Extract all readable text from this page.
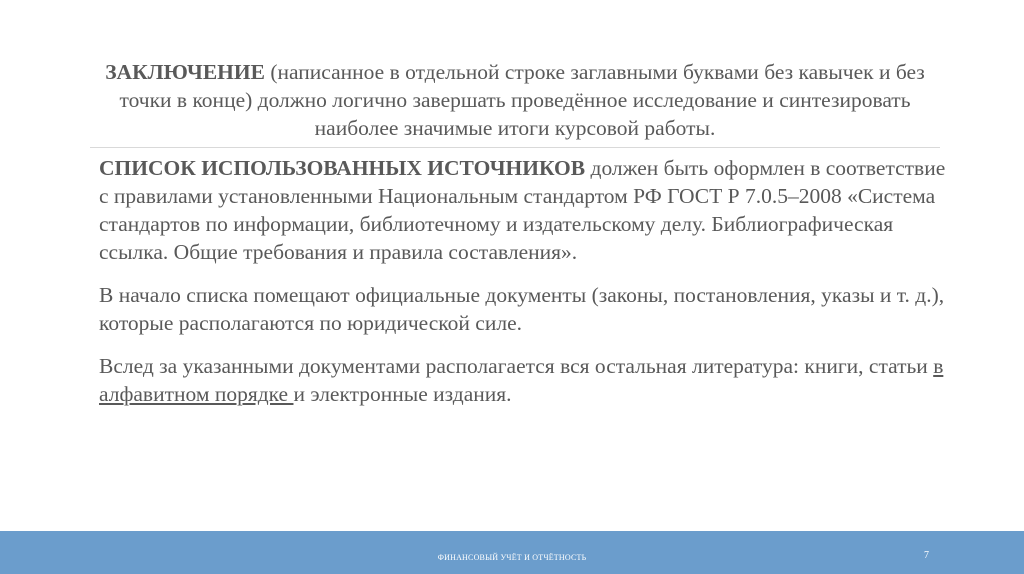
ЗАКЛЮЧЕНИЕ (написанное в отдельной строке заглавными буквами без кавычек и без точки в конце) должно логично завершать проведённое исследование и синтезировать наиболее значимые итоги курсовой работы.

СПИСОК ИСПОЛЬЗОВАННЫХ ИСТОЧНИКОВ должен быть оформлен в соответствие с правилами установленными Национальным стандартом РФ ГОСТ Р 7.0.5–2008 «Система стандартов по информации, библиотечному и издательскому делу. Библиографическая ссылка. Общие требования и правила составления».

В начало списка помещают официальные документы (законы, постановления, указы и т. д.), которые располагаются по юридической силе.

Вслед за указанными документами располагается вся остальная литература: книги, статьи в алфавитном порядке и электронные издания.

ФИНАНСОВЫЙ УЧЁТ И ОТЧЁТНОСТЬ	7
